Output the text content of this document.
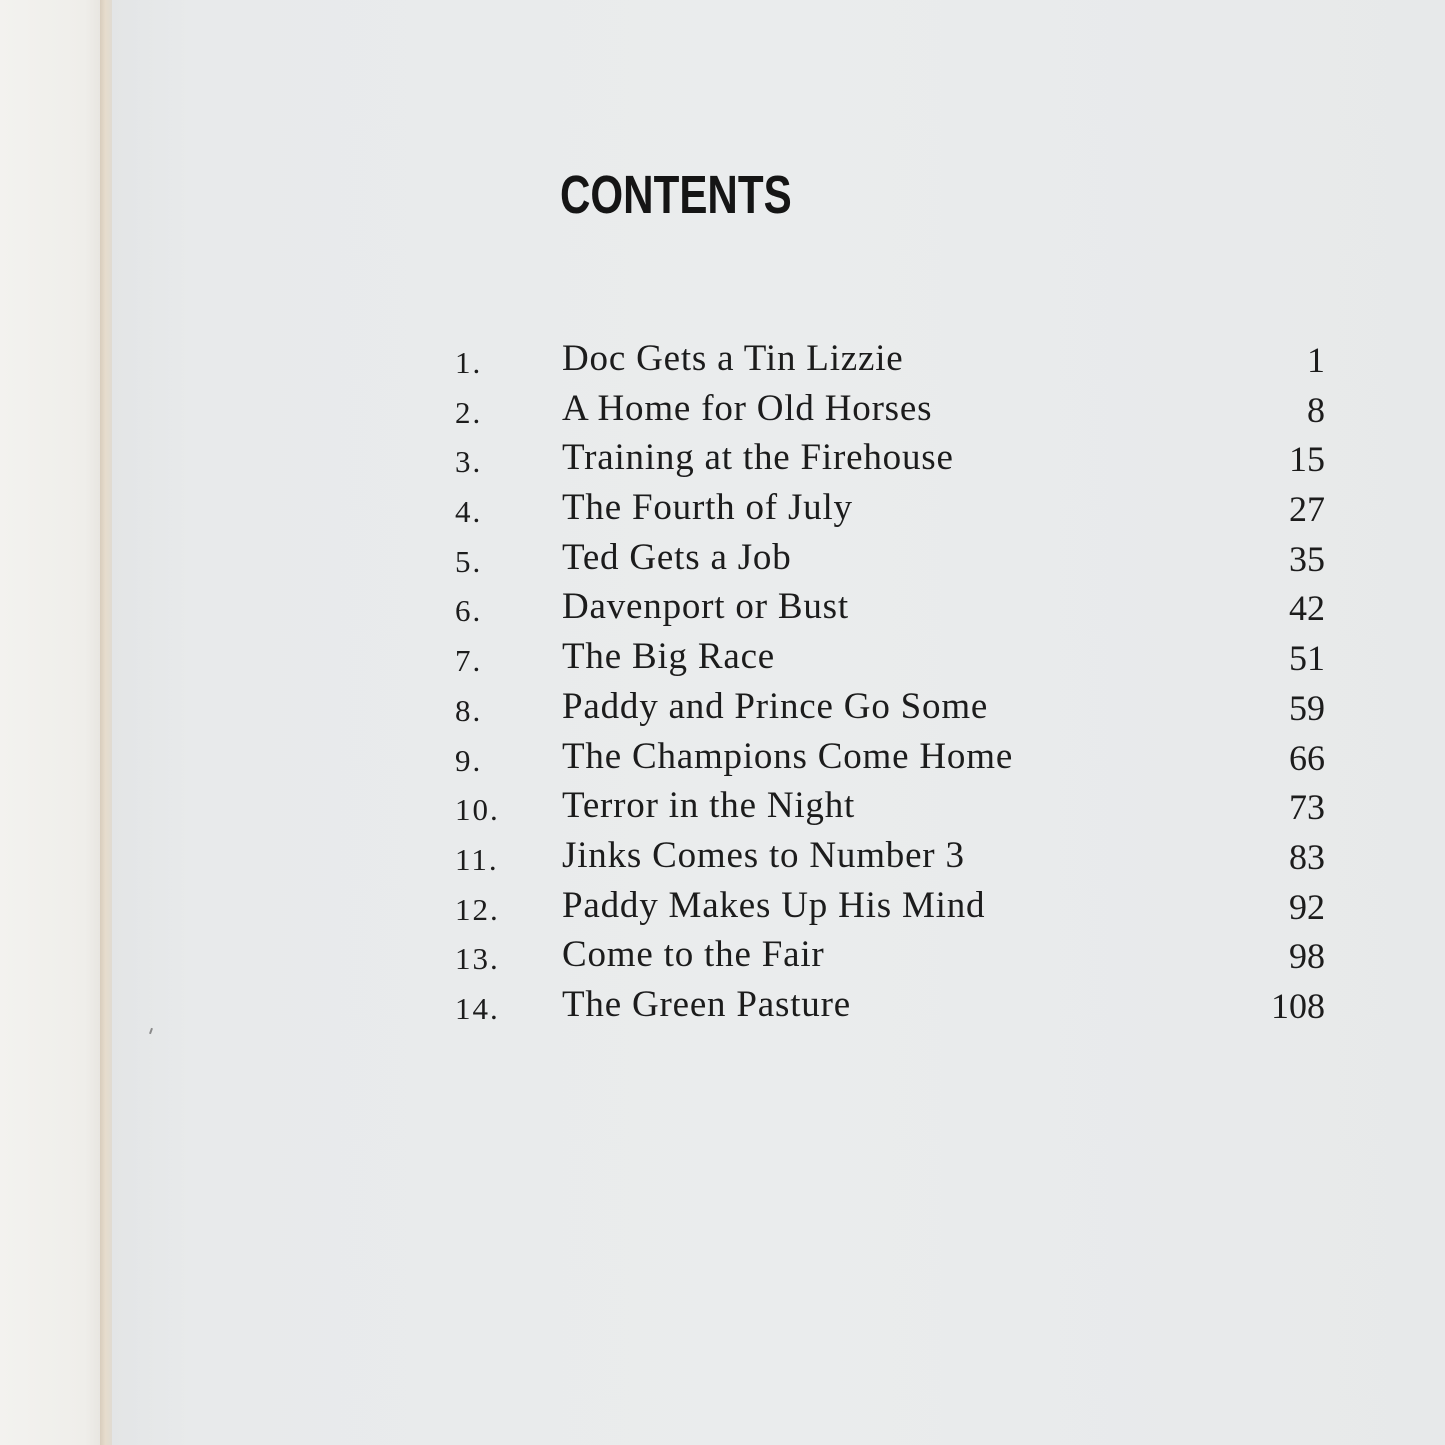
CONTENTS
1. Doc Gets a Tin Lizzie	1
2. A Home for Old Horses	8
3. Training at the Firehouse	15
4. The Fourth of July	27
5. Ted Gets a Job	35
6. Davenport or Bust	42
7. The Big Race	51
8. Paddy and Prince Go Some	59
9. The Champions Come Home	66
10. Terror in the Night	73
11. Jinks Comes to Number 3	83
12. Paddy Makes Up His Mind	92
13. Come to the Fair	98
14. The Green Pasture	108
